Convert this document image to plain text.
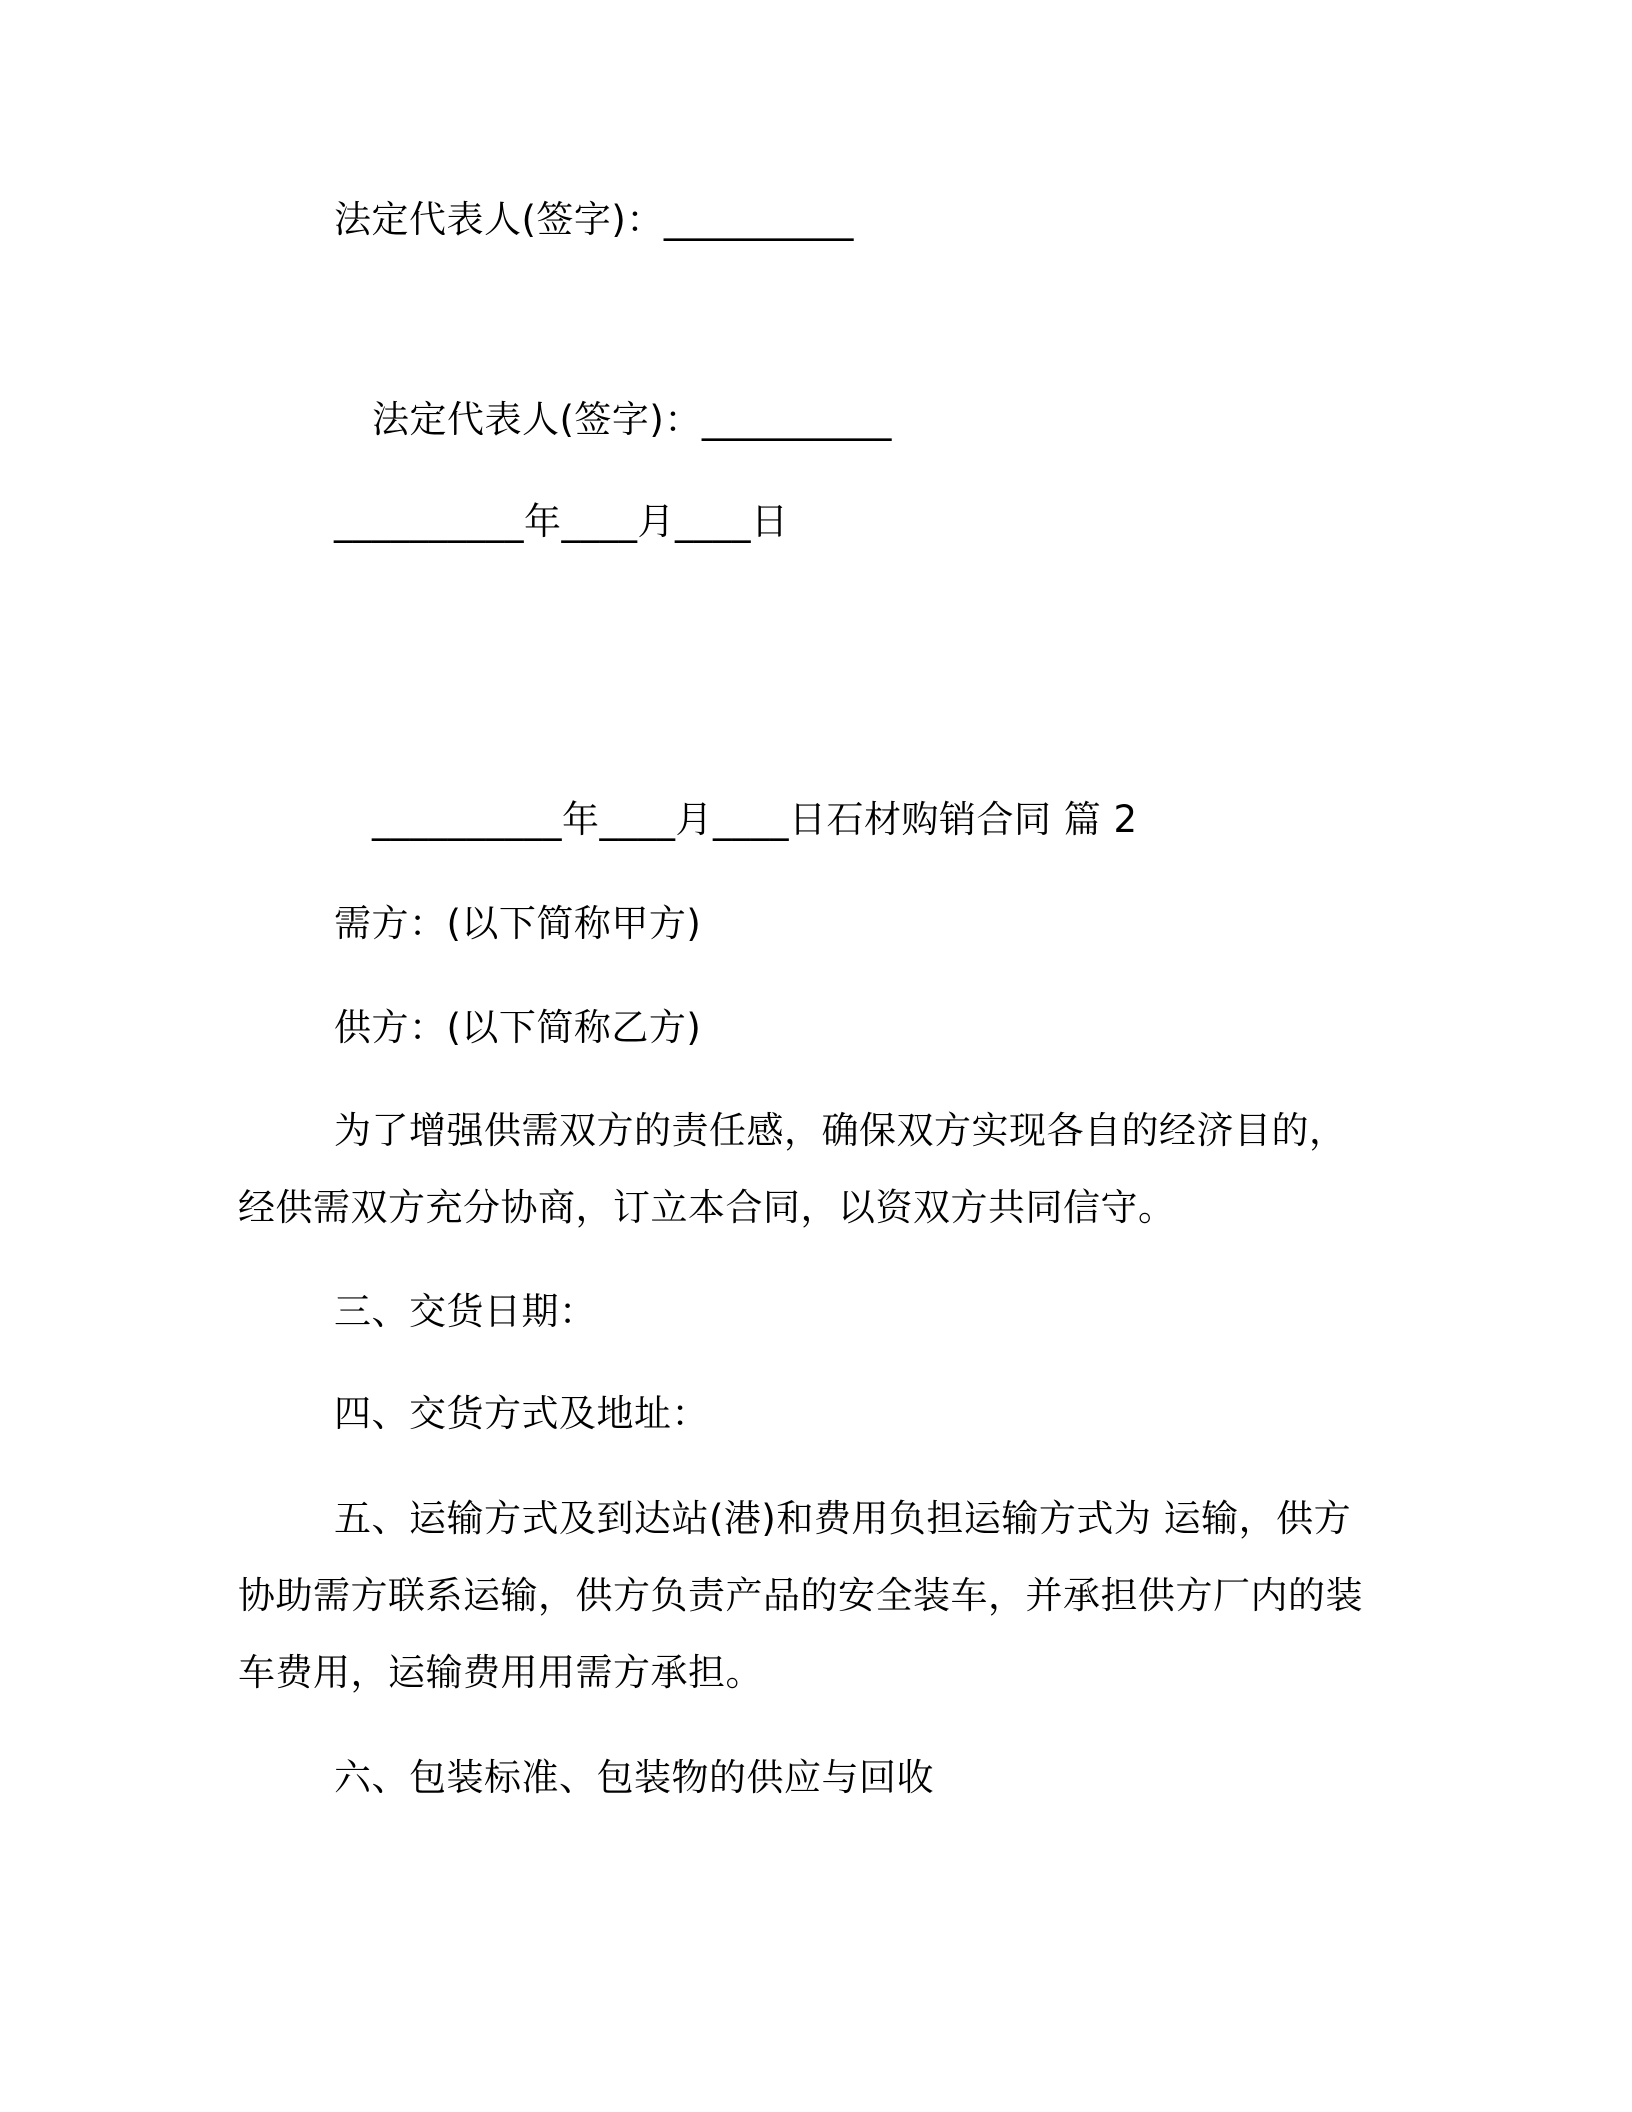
法定代表人(签字)：__________
法定代表人(签字)：__________
__________年____月____日
__________年____月____日石材购销合同 篇 2
需方：(以下简称甲方)
供方：(以下简称乙方)
为了增强供需双方的责任感，确保双方实现各自的经济目的，经供需双方充分协商，订立本合同，以资双方共同信守。
三、交货日期：
四、交货方式及地址：
五、运输方式及到达站(港)和费用负担运输方式为 运输，供方协助需方联系运输，供方负责产品的安全装车，并承担供方厂内的装车费用，运输费用用需方承担。
六、包装标准、包装物的供应与回收
